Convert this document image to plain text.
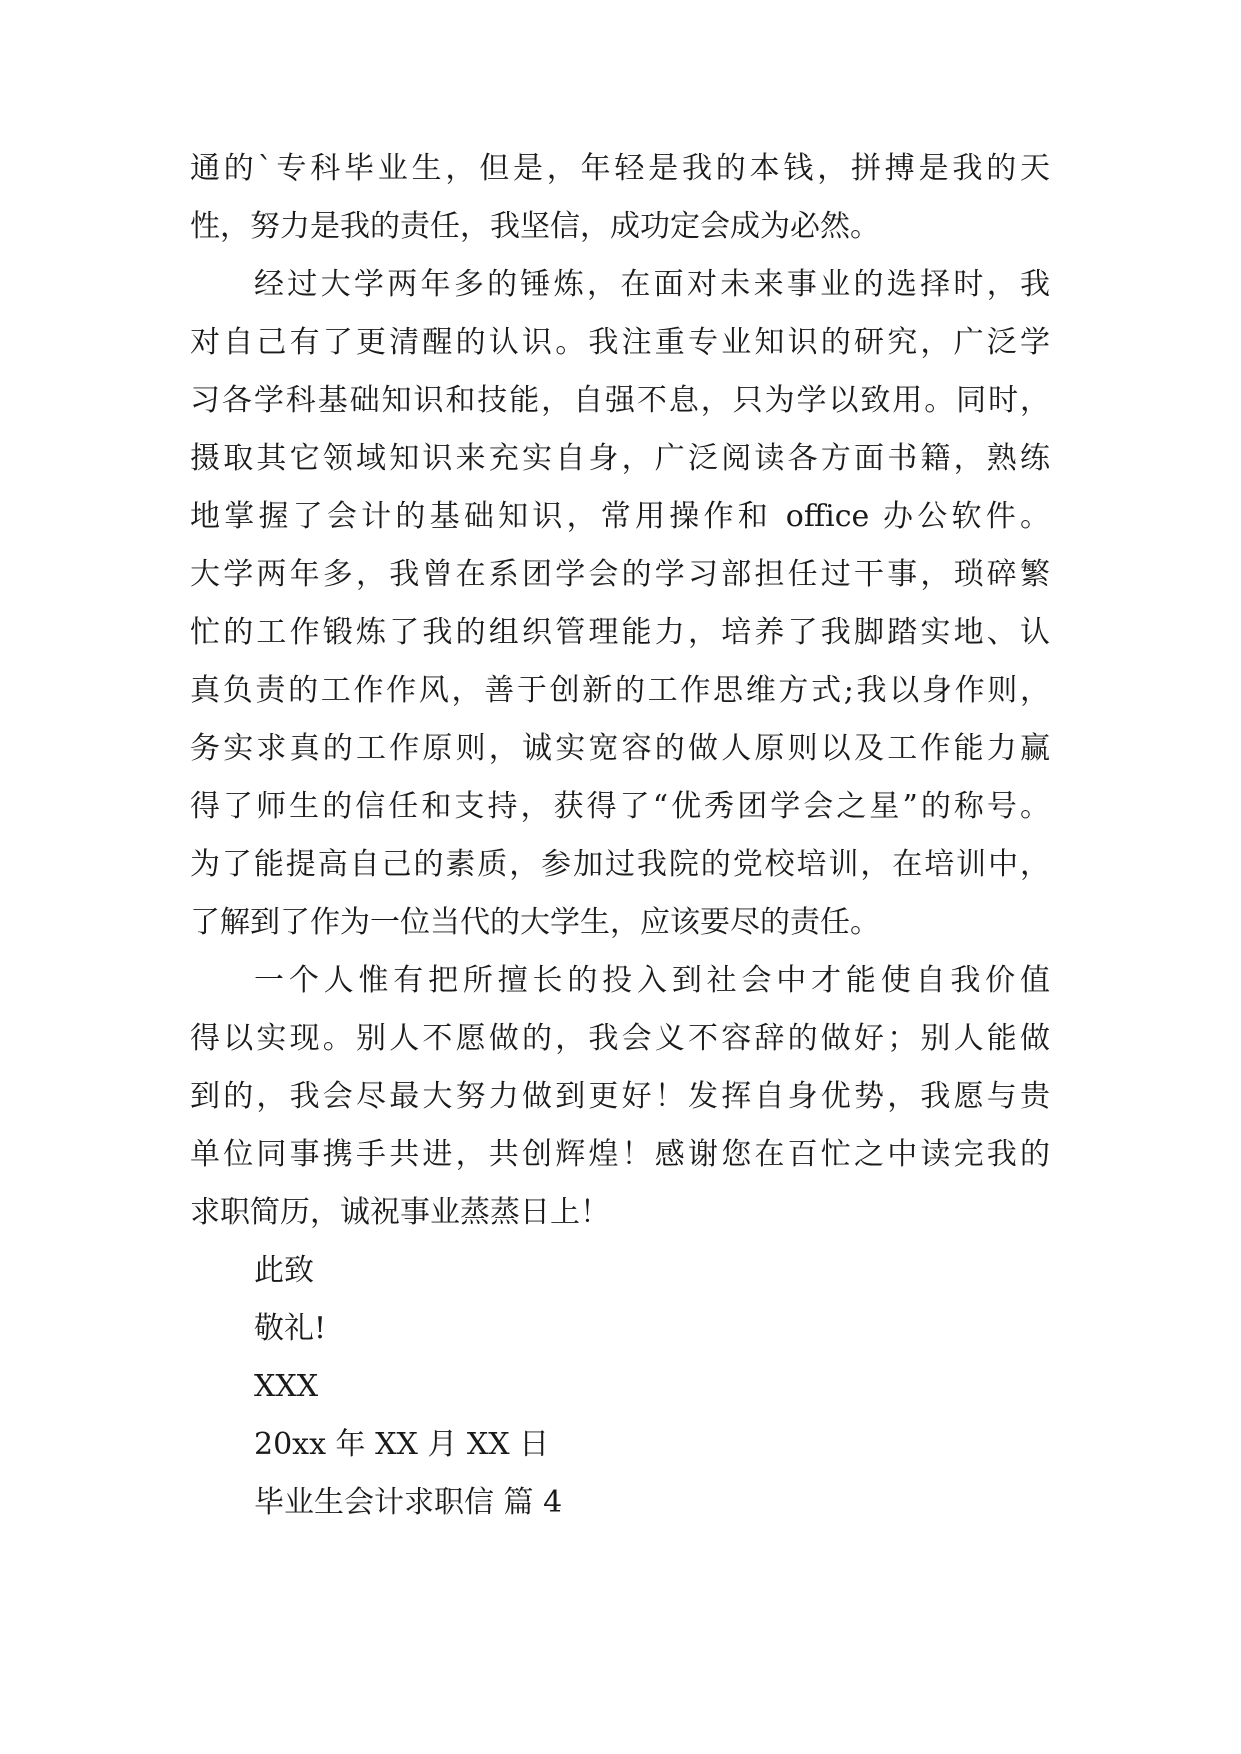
通的`专科毕业生，但是，年轻是我的本钱，拼搏是我的天
性，努力是我的责任，我坚信，成功定会成为必然。
经过大学两年多的锤炼，在面对未来事业的选择时，我
对自己有了更清醒的认识。我注重专业知识的研究，广泛学
习各学科基础知识和技能，自强不息，只为学以致用。同时，
摄取其它领域知识来充实自身，广泛阅读各方面书籍，熟练
地掌握了会计的基础知识，常用操作和 office 办公软件。
大学两年多，我曾在系团学会的学习部担任过干事，琐碎繁
忙的工作锻炼了我的组织管理能力，培养了我脚踏实地、认
真负责的工作作风，善于创新的工作思维方式;我以身作则，
务实求真的工作原则，诚实宽容的做人原则以及工作能力赢
得了师生的信任和支持，获得了“优秀团学会之星”的称号。
为了能提高自己的素质，参加过我院的党校培训，在培训中，
了解到了作为一位当代的大学生，应该要尽的责任。
一个人惟有把所擅长的投入到社会中才能使自我价值
得以实现。别人不愿做的，我会义不容辞的做好；别人能做
到的，我会尽最大努力做到更好！发挥自身优势，我愿与贵
单位同事携手共进，共创辉煌！感谢您在百忙之中读完我的
求职简历，诚祝事业蒸蒸日上！
此致
敬礼!
XXX
20xx 年 XX 月 XX 日
毕业生会计求职信 篇 4
